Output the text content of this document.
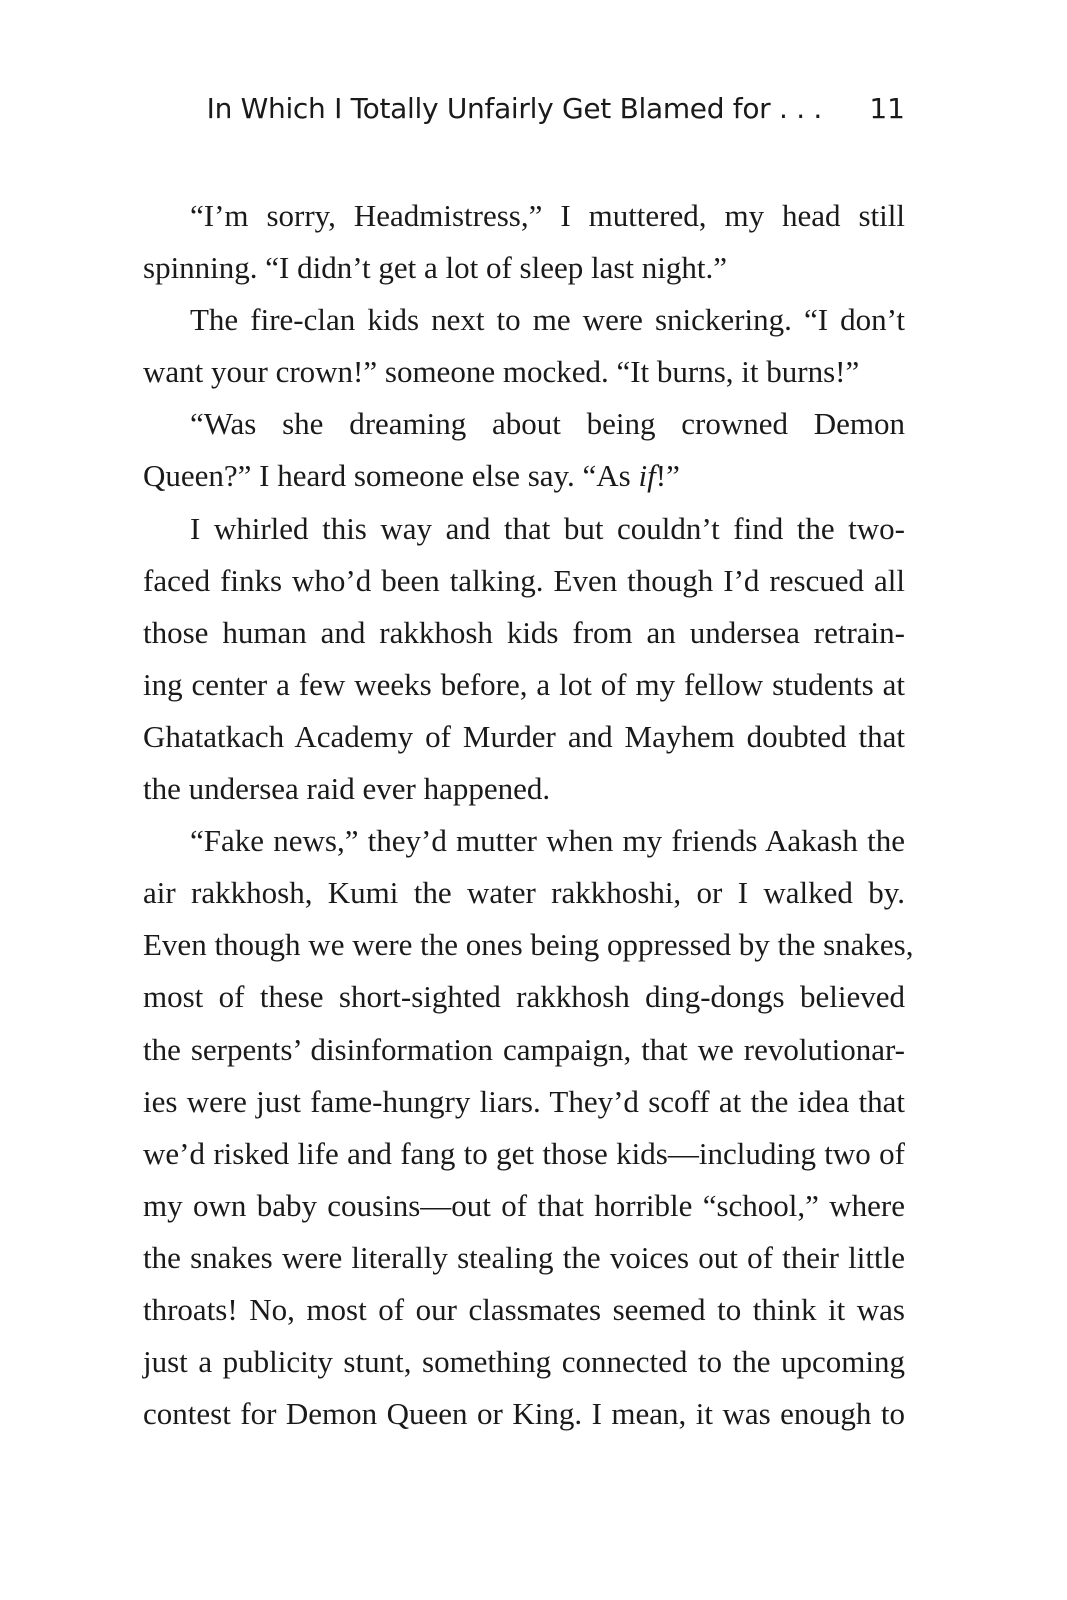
In Which I Totally Unfairly Get Blamed for . . . 11
“I’m sorry, Headmistress,” I muttered, my head still
spinning. “I didn’t get a lot of sleep last night.”
The fire-clan kids next to me were snickering. “I don’t
want your crown!” someone mocked. “It burns, it burns!”
“Was she dreaming about being crowned Demon
Queen?” I heard someone else say. “As if!”
I whirled this way and that but couldn’t find the two-
faced finks who’d been talking. Even though I’d rescued all
those human and rakkhosh kids from an undersea retrain-
ing center a few weeks before, a lot of my fellow students at
Ghatatkach Academy of Murder and Mayhem doubted that
the undersea raid ever happened.
“Fake news,” they’d mutter when my friends Aakash the
air rakkhosh, Kumi the water rakkhoshi, or I walked by.
Even though we were the ones being oppressed by the snakes,
most of these short-sighted rakkhosh ding-dongs believed
the serpents’ disinformation campaign, that we revolutionar-
ies were just fame-hungry liars. They’d scoff at the idea that
we’d risked life and fang to get those kids—including two of
my own baby cousins—out of that horrible “school,” where
the snakes were literally stealing the voices out of their little
throats! No, most of our classmates seemed to think it was
just a publicity stunt, something connected to the upcoming
contest for Demon Queen or King. I mean, it was enough to
